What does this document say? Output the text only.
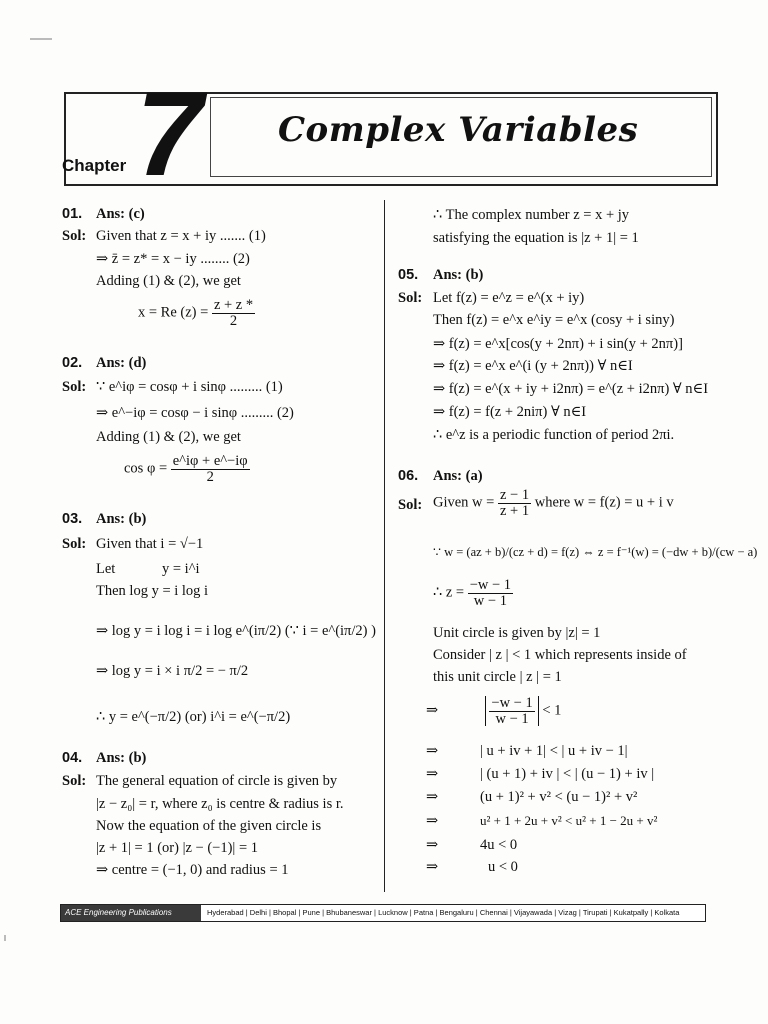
Chapter 7 Complex Variables
01. Ans: (c)
Sol: Given that z = x + iy ....... (1)
⇒ z̄ = z* = x − iy ........ (2)
Adding (1) & (2), we get
x = Re $(z) = \frac{z + z *}{2}$
02. Ans: (d)
Sol: ∵ e^iφ = cosφ + i sinφ ......... (1)
⇒ e^−iφ = cosφ − i sinφ ......... (2)
Adding (1) & (2), we get
$\cos \varphi = \frac{e\^{}i\varphi + e\^{}-i\varphi}{2}$
03. Ans: (b)
Sol: Given that i = √−1
Let	y = i^i
Then log y = i log i
⇒ log y = i log i = i log e^(iπ/2) (∵ i = e^(iπ/2) )
⇒ log y = i × i π/2 = − π/2
∴ y = e^(−π/2) (or) i^i = e^(−π/2)
04. Ans: (b)
Sol: The general equation of circle is given by
|z − z₀| = r, where z₀ is centre & radius is r.
Now the equation of the given circle is
|z + 1| = 1 (or) |z − (−1)| = 1
⇒ centre = (−1, 0) and radius = 1
∴ The complex number z = x + jy
satisfying the equation is |z + 1| = 1
05. Ans: (b)
Sol: Let f(z) = e^z = e^(x + iy)
Then f(z) = e^x e^iy = e^x (cosy + i siny)
⇒ f(z) = e^x[cos(y + 2nπ) + i sin(y + 2nπ)]
⇒ f(z) = e^x e^(i (y + 2nπ)) ∀ n∈I
⇒ f(z) = e^(x + iy + i2nπ) = e^(z + i2nπ) ∀ n∈I
⇒ f(z) = f(z + 2niπ) ∀ n∈I
∴ e^z is a periodic function of period 2πi.
06. Ans: (a)
Sol: Given $w = \frac{z - 1}{z + 1}$ where w = f(z) = u + i v
∵ w = (az + b)/(cz + d) = f(z) ⇔ z = f⁻¹(w) = (−dw + b)/(cw − a)
∴ $z = \frac{-w - 1}{w - 1}$
Unit circle is given by |z| = 1
Consider | z | < 1 which represents inside of
this unit circle | z | = 1
⇒	$\frac{-w - 1}{w - 1} < 1$
⇒	| u + iv + 1| < | u + iv − 1|
⇒	| (u + 1) + iv | < | (u − 1) + iv |
⇒	(u + 1)² + v² < (u − 1)² + v²
⇒	u² + 1 + 2u + v² < u² + 1 − 2u + v²
⇒	4u < 0
⇒	u < 0
ACE Engineering Publications	Hyderabad | Delhi | Bhopal | Pune | Bhubaneswar | Lucknow | Patna | Bengaluru | Chennai | Vijayawada | Vizag | Tirupati | Kukatpally | Kolkata
